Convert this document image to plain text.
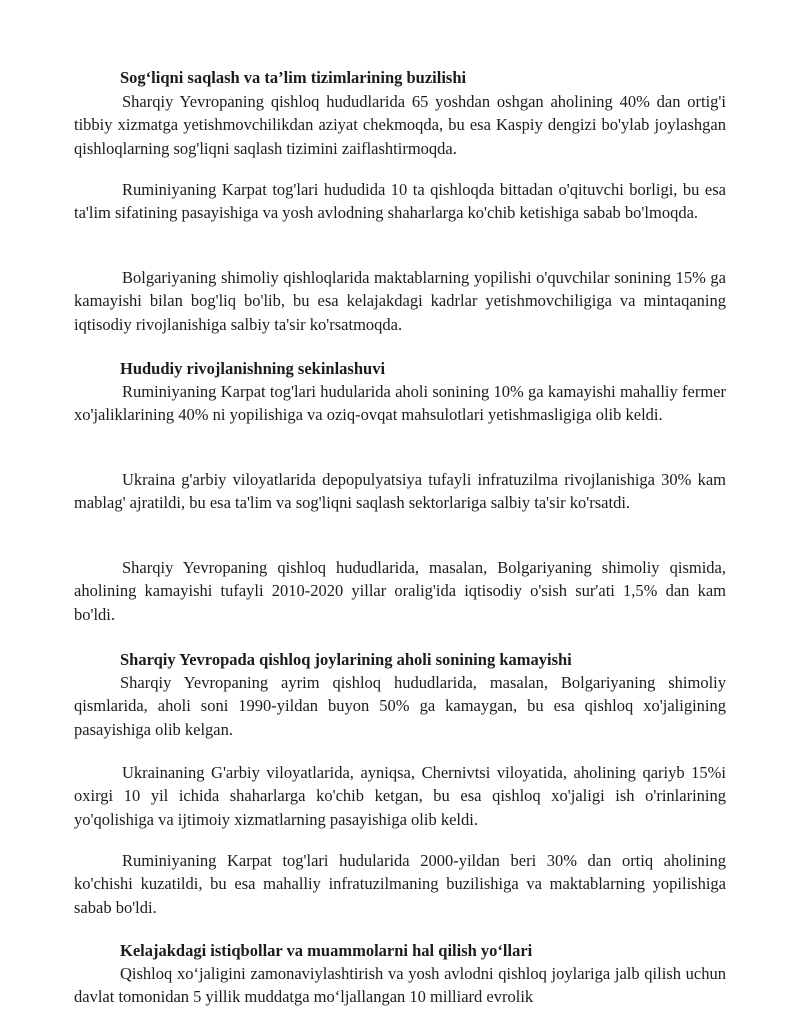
Sog‘liqni saqlash va ta’lim tizimlarining buzilishi

Sharqiy Yevropaning qishloq hududlarida 65 yoshdan oshgan aholining 40% dan ortig'i tibbiy xizmatga yetishmovchilikdan aziyat chekmoqda, bu esa Kaspiy dengizi bo'ylab joylashgan qishloqlarning sog'liqni saqlash tizimini zaiflashtirmoqda.

Ruminiyaning Karpat tog'lari hududida 10 ta qishloqda bittadan o'qituvchi borligi, bu esa ta'lim sifatining pasayishiga va yosh avlodning shaharlarga ko'chib ketishiga sabab bo'lmoqda.

Bolgariyaning shimoliy qishloqlarida maktablarning yopilishi o'quvchilar sonining 15% ga kamayishi bilan bog'liq bo'lib, bu esa kelajakdagi kadrlar yetishmovchiligiga va mintaqaning iqtisodiy rivojlanishiga salbiy ta'sir ko'rsatmoqda.

Hududiy rivojlanishning sekinlashuvi

Ruminiyaning Karpat tog'lari hudularida aholi sonining 10% ga kamayishi mahalliy fermer xo'jaliklarining 40% ni yopilishiga va oziq-ovqat mahsulotlari yetishmasligiga olib keldi.

Ukraina g'arbiy viloyatlarida depopulyatsiya tufayli infratuzilma rivojlanishiga 30% kam mablag' ajratildi, bu esa ta'lim va sog'liqni saqlash sektorlariga salbiy ta'sir ko'rsatdi.

Sharqiy Yevropaning qishloq hududlarida, masalan, Bolgariyaning shimoliy qismida, aholining kamayishi tufayli 2010-2020 yillar oralig'ida iqtisodiy o'sish sur'ati 1,5% dan kam bo'ldi.

Sharqiy Yevropada qishloq joylarining aholi sonining kamayishi

Sharqiy Yevropaning ayrim qishloq hududlarida, masalan, Bolgariyaning shimoliy qismlarida, aholi soni 1990-yildan buyon 50% ga kamaygan, bu esa qishloq xo'jaligining pasayishiga olib kelgan.

Ukrainaning G'arbiy viloyatlarida, ayniqsa, Chernivtsi viloyatida, aholining qariyb 15%i oxirgi 10 yil ichida shaharlarga ko'chib ketgan, bu esa qishloq xo'jaligi ish o'rinlarining yo'qolishiga va ijtimoiy xizmatlarning pasayishiga olib keldi.

Ruminiyaning Karpat tog'lari hudularida 2000-yildan beri 30% dan ortiq aholining ko'chishi kuzatildi, bu esa mahalliy infratuzilmaning buzilishiga va maktablarning yopilishiga sabab bo'ldi.

Kelajakdagi istiqbollar va muammolarni hal qilish yo‘llari

Qishloq xo‘jaligini zamonaviylashtirish va yosh avlodni qishloq joylariga jalb qilish uchun davlat tomonidan 5 yillik muddatga mo‘ljallangan 10 milliard evrolik
